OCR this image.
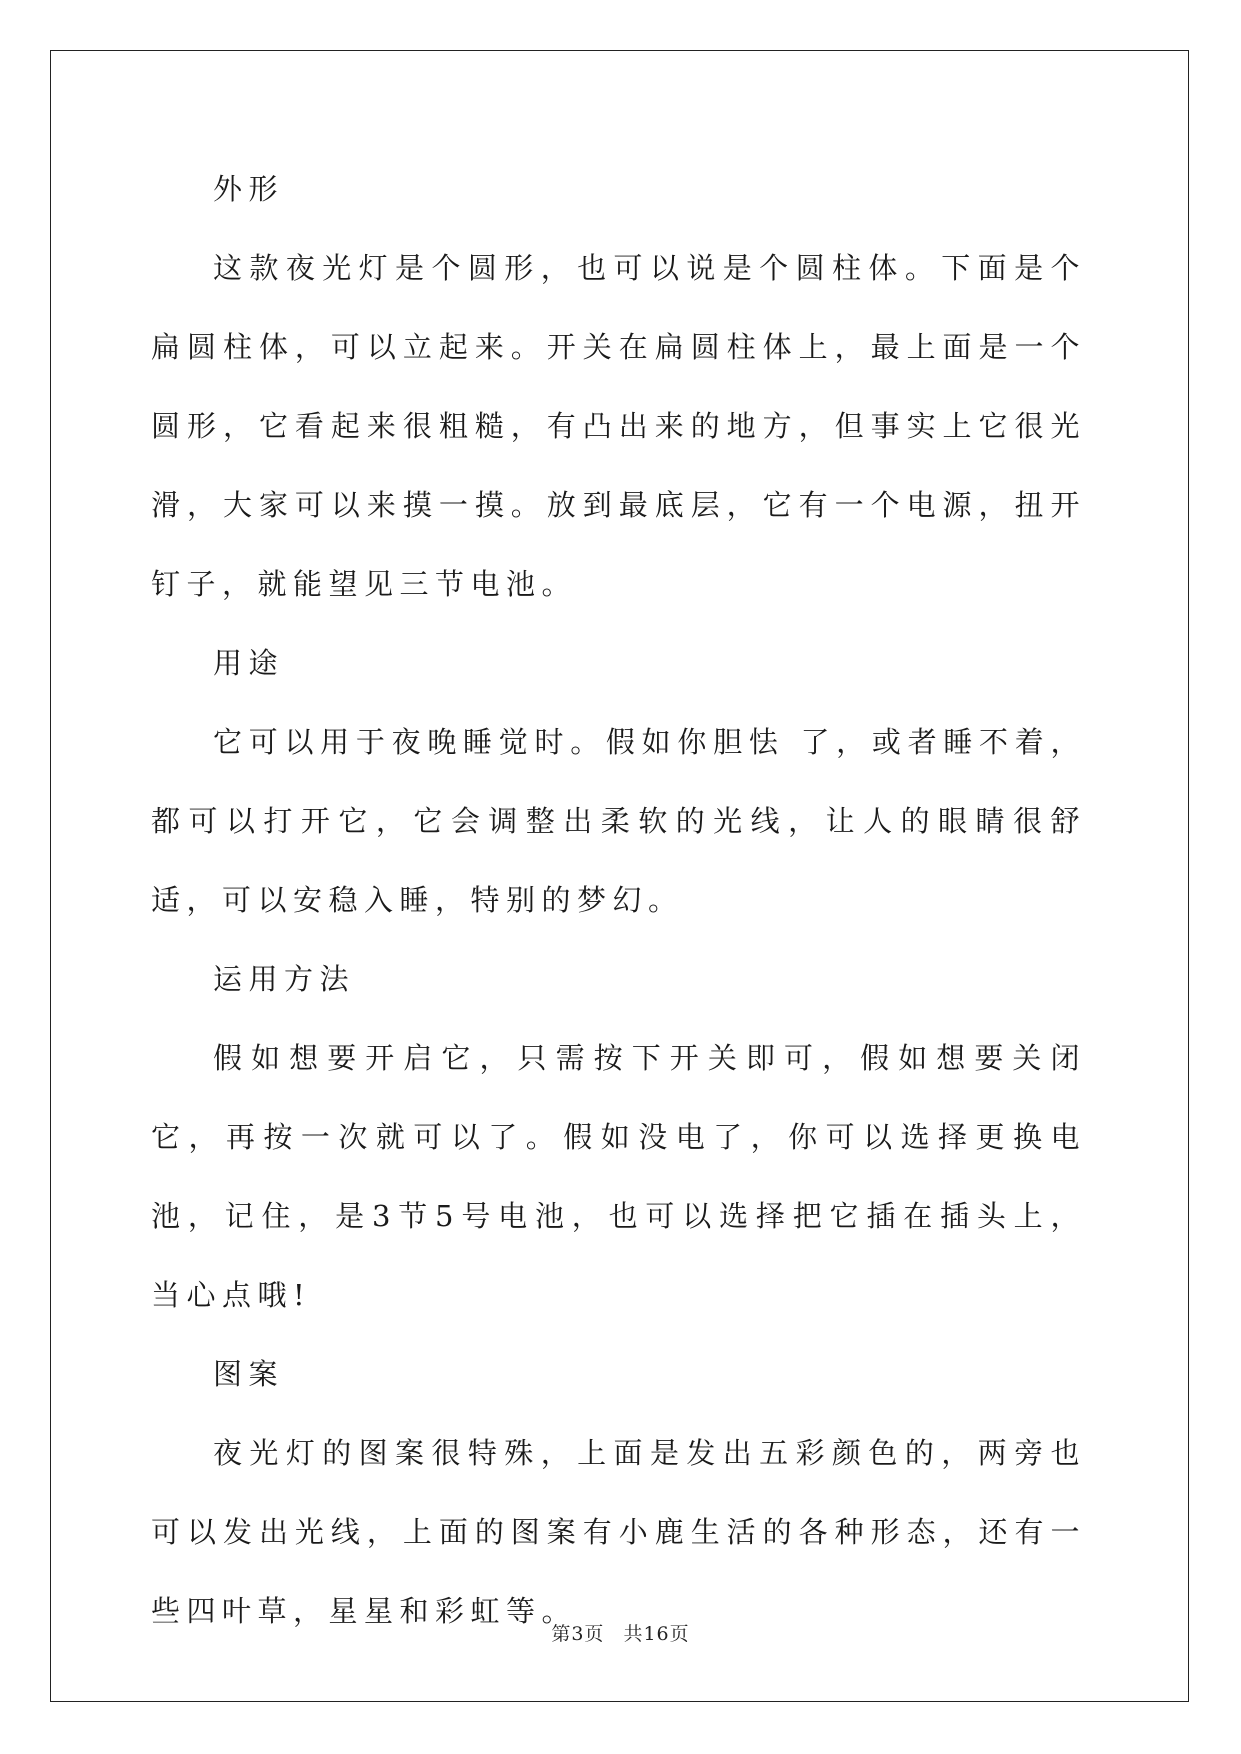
外形

这款夜光灯是个圆形，也可以说是个圆柱体。下面是个扁圆柱体，可以立起来。开关在扁圆柱体上，最上面是一个圆形，它看起来很粗糙，有凸出来的地方，但事实上它很光滑，大家可以来摸一摸。放到最底层，它有一个电源，扭开钉子，就能望见三节电池。

用途

它可以用于夜晚睡觉时。假如你胆怯 了，或者睡不着，都可以打开它，它会调整出柔软的光线，让人的眼睛很舒适，可以安稳入睡，特别的梦幻。

运用方法

假如想要开启它，只需按下开关即可，假如想要关闭它，再按一次就可以了。假如没电了，你可以选择更换电池，记住，是3节5号电池，也可以选择把它插在插头上，当心点哦!

图案

夜光灯的图案很特殊，上面是发出五彩颜色的，两旁也可以发出光线，上面的图案有小鹿生活的各种形态，还有一些四叶草，星星和彩虹等。

第3页 共16页
